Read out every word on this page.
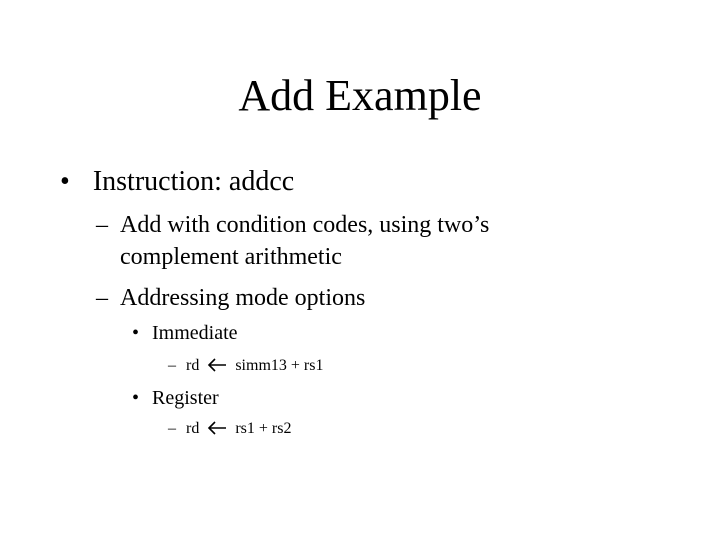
Add Example
• Instruction: addcc
– Add with condition codes, using two’s
complement arithmetic
– Addressing mode options
• Immediate
– rd simm13 + rs1
• Register
– rd rs1 + rs2
